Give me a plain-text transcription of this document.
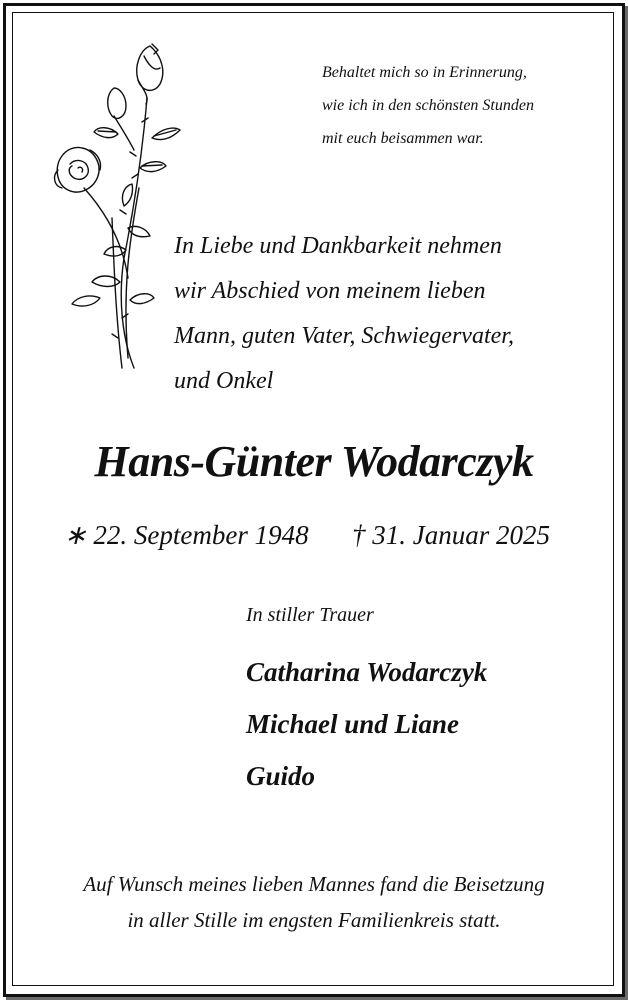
Behaltet mich so in Erinnerung,
wie ich in den schönsten Stunden
mit euch beisammen war.
In Liebe und Dankbarkeit nehmen
wir Abschied von meinem lieben
Mann, guten Vater, Schwiegervater,
und Onkel
Hans-Günter Wodarczyk
∗ 22. September 1948 † 31. Januar 2025
In stiller Trauer
Catharina Wodarczyk
Michael und Liane
Guido
Auf Wunsch meines lieben Mannes fand die Beisetzung
in aller Stille im engsten Familienkreis statt.
